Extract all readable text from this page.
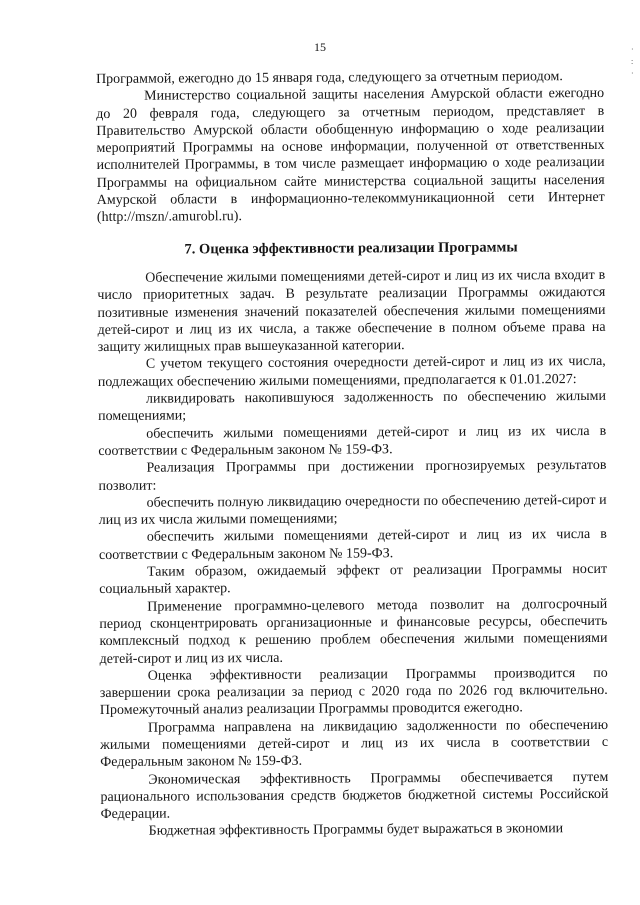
15	·
:
·

Программой, ежегодно до 15 января года, следующего за отчетным периодом.

Министерство социальной защиты населения Амурской области ежегодно до 20 февраля года, следующего за отчетным периодом, представляет в Правительство Амурской области обобщенную информацию о ходе реализации мероприятий Программы на основе информации, полученной от ответственных исполнителей Программы, в том числе размещает информацию о ходе реализации Программы на официальном сайте министерства социальной защиты населения Амурской области в информационно-телекоммуникационной сети Интернет (http://mszn/.amurobl.ru).

7. Оценка эффективности реализации Программы

Обеспечение жилыми помещениями детей-сирот и лиц из их числа входит в число приоритетных задач. В результате реализации Программы ожидаются позитивные изменения значений показателей обеспечения жилыми помещениями детей-сирот и лиц из их числа, а также обеспечение в полном объеме права на защиту жилищных прав вышеуказанной категории.

С учетом текущего состояния очередности детей-сирот и лиц из их числа, подлежащих обеспечению жилыми помещениями, предполагается к 01.01.2027:

ликвидировать накопившуюся задолженность по обеспечению жилыми помещениями;

обеспечить жилыми помещениями детей-сирот и лиц из их числа в соответствии с Федеральным законом № 159-ФЗ.

Реализация Программы при достижении прогнозируемых результатов позволит:

обеспечить полную ликвидацию очередности по обеспечению детей-сирот и лиц из их числа жилыми помещениями;

обеспечить жилыми помещениями детей-сирот и лиц из их числа в соответствии с Федеральным законом № 159-ФЗ.

Таким образом, ожидаемый эффект от реализации Программы носит социальный характер.

Применение программно-целевого метода позволит на долгосрочный период сконцентрировать организационные и финансовые ресурсы, обеспечить комплексный подход к решению проблем обеспечения жилыми помещениями детей-сирот и лиц из их числа.

Оценка эффективности реализации Программы производится по завершении срока реализации за период с 2020 года по 2026 год включительно. Промежуточный анализ реализации Программы проводится ежегодно.

Программа направлена на ликвидацию задолженности по обеспечению жилыми помещениями детей-сирот и лиц из их числа в соответствии с Федеральным законом № 159-ФЗ.

Экономическая эффективность Программы обеспечивается путем рационального использования средств бюджетов бюджетной системы Российской Федерации.

Бюджетная эффективность Программы будет выражаться в экономии
